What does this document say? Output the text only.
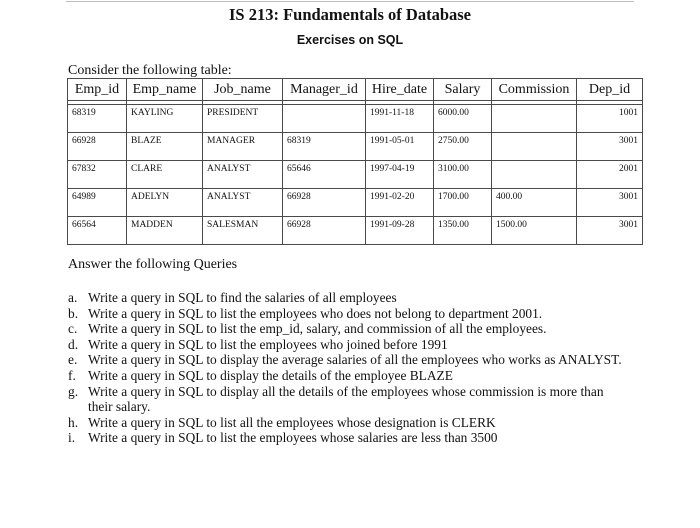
IS 213: Fundamentals of Database
Exercises on SQL
Consider the following table:
Emp_id	Emp_name	Job_name	Manager_id	Hire_date	Salary	Commission	Dep_id

68319	KAYLING	PRESIDENT		1991-11-18	6000.00		1001
66928	BLAZE	MANAGER	68319	1991-05-01	2750.00		3001
67832	CLARE	ANALYST	65646	1997-04-19	3100.00		2001
64989	ADELYN	ANALYST	66928	1991-02-20	1700.00	400.00	3001
66564	MADDEN	SALESMAN	66928	1991-09-28	1350.00	1500.00	3001
Answer the following Queries
a. Write a query in SQL to find the salaries of all employees
b. Write a query in SQL to list the employees who does not belong to department 2001.
c. Write a query in SQL to list the emp_id, salary, and commission of all the employees.
d. Write a query in SQL to list the employees who joined before 1991
e. Write a query in SQL to display the average salaries of all the employees who works as ANALYST.
f. Write a query in SQL to display the details of the employee BLAZE
g. Write a query in SQL to display all the details of the employees whose commission is more than their salary.
h. Write a query in SQL to list all the employees whose designation is CLERK
i. Write a query in SQL to list the employees whose salaries are less than 3500
